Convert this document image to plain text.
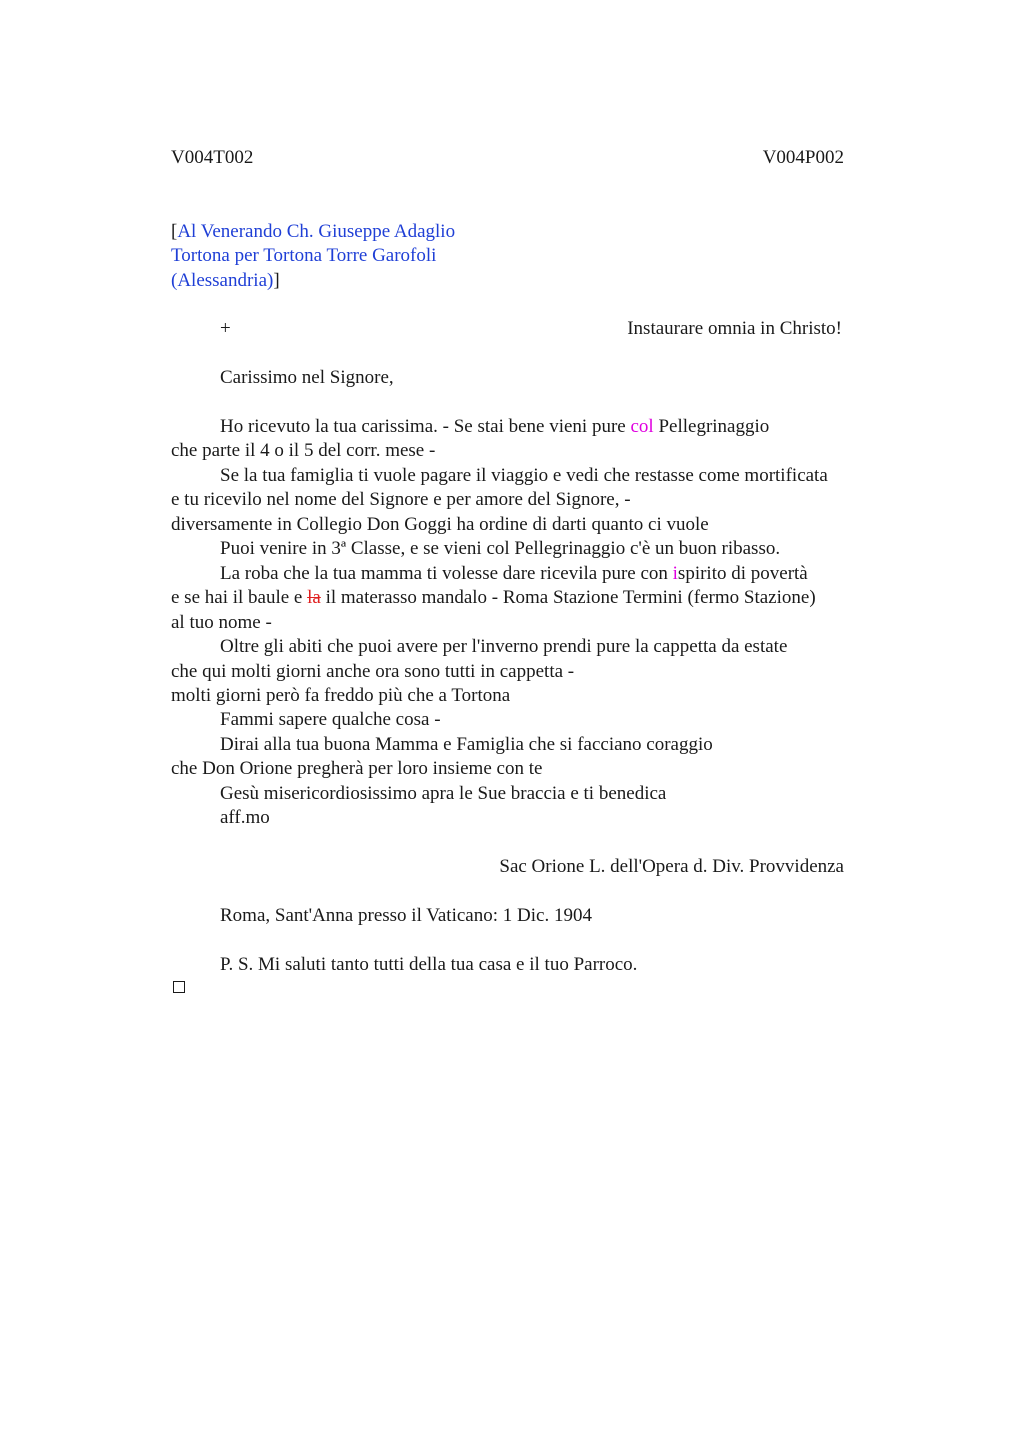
V004T002	V004P002
[Al Venerando Ch. Giuseppe Adaglio
Tortona per Tortona Torre Garofoli
(Alessandria)]
+	Instaurare omnia in Christo!
Carissimo nel Signore,
Ho ricevuto la tua carissima. - Se stai bene vieni pure col Pellegrinaggio
che parte il 4 o il 5 del corr. mese -
Se la tua famiglia ti vuole pagare il viaggio e vedi che restasse come mortificata
e tu ricevilo nel nome del Signore e per amore del Signore, -
diversamente in Collegio Don Goggi ha ordine di darti quanto ci vuole
Puoi venire in 3ª Classe, e se vieni col Pellegrinaggio c'è un buon ribasso.
La roba che la tua mamma ti volesse dare ricevila pure con ispirito di povertà
e se hai il baule e la il materasso mandalo - Roma Stazione Termini (fermo Stazione)
al tuo nome -
Oltre gli abiti che puoi avere per l'inverno prendi pure la cappetta da estate
che qui molti giorni anche ora sono tutti in cappetta -
molti giorni però fa freddo più che a Tortona
Fammi sapere qualche cosa -
Dirai alla tua buona Mamma e Famiglia che si facciano coraggio
che Don Orione pregherà per loro insieme con te
Gesù misericordiosissimo apra le Sue braccia e ti benedica
aff.mo
Sac Orione L. dell'Opera d. Div. Provvidenza
Roma, Sant'Anna presso il Vaticano: 1 Dic. 1904
P. S. Mi saluti tanto tutti della tua casa e il tuo Parroco.
